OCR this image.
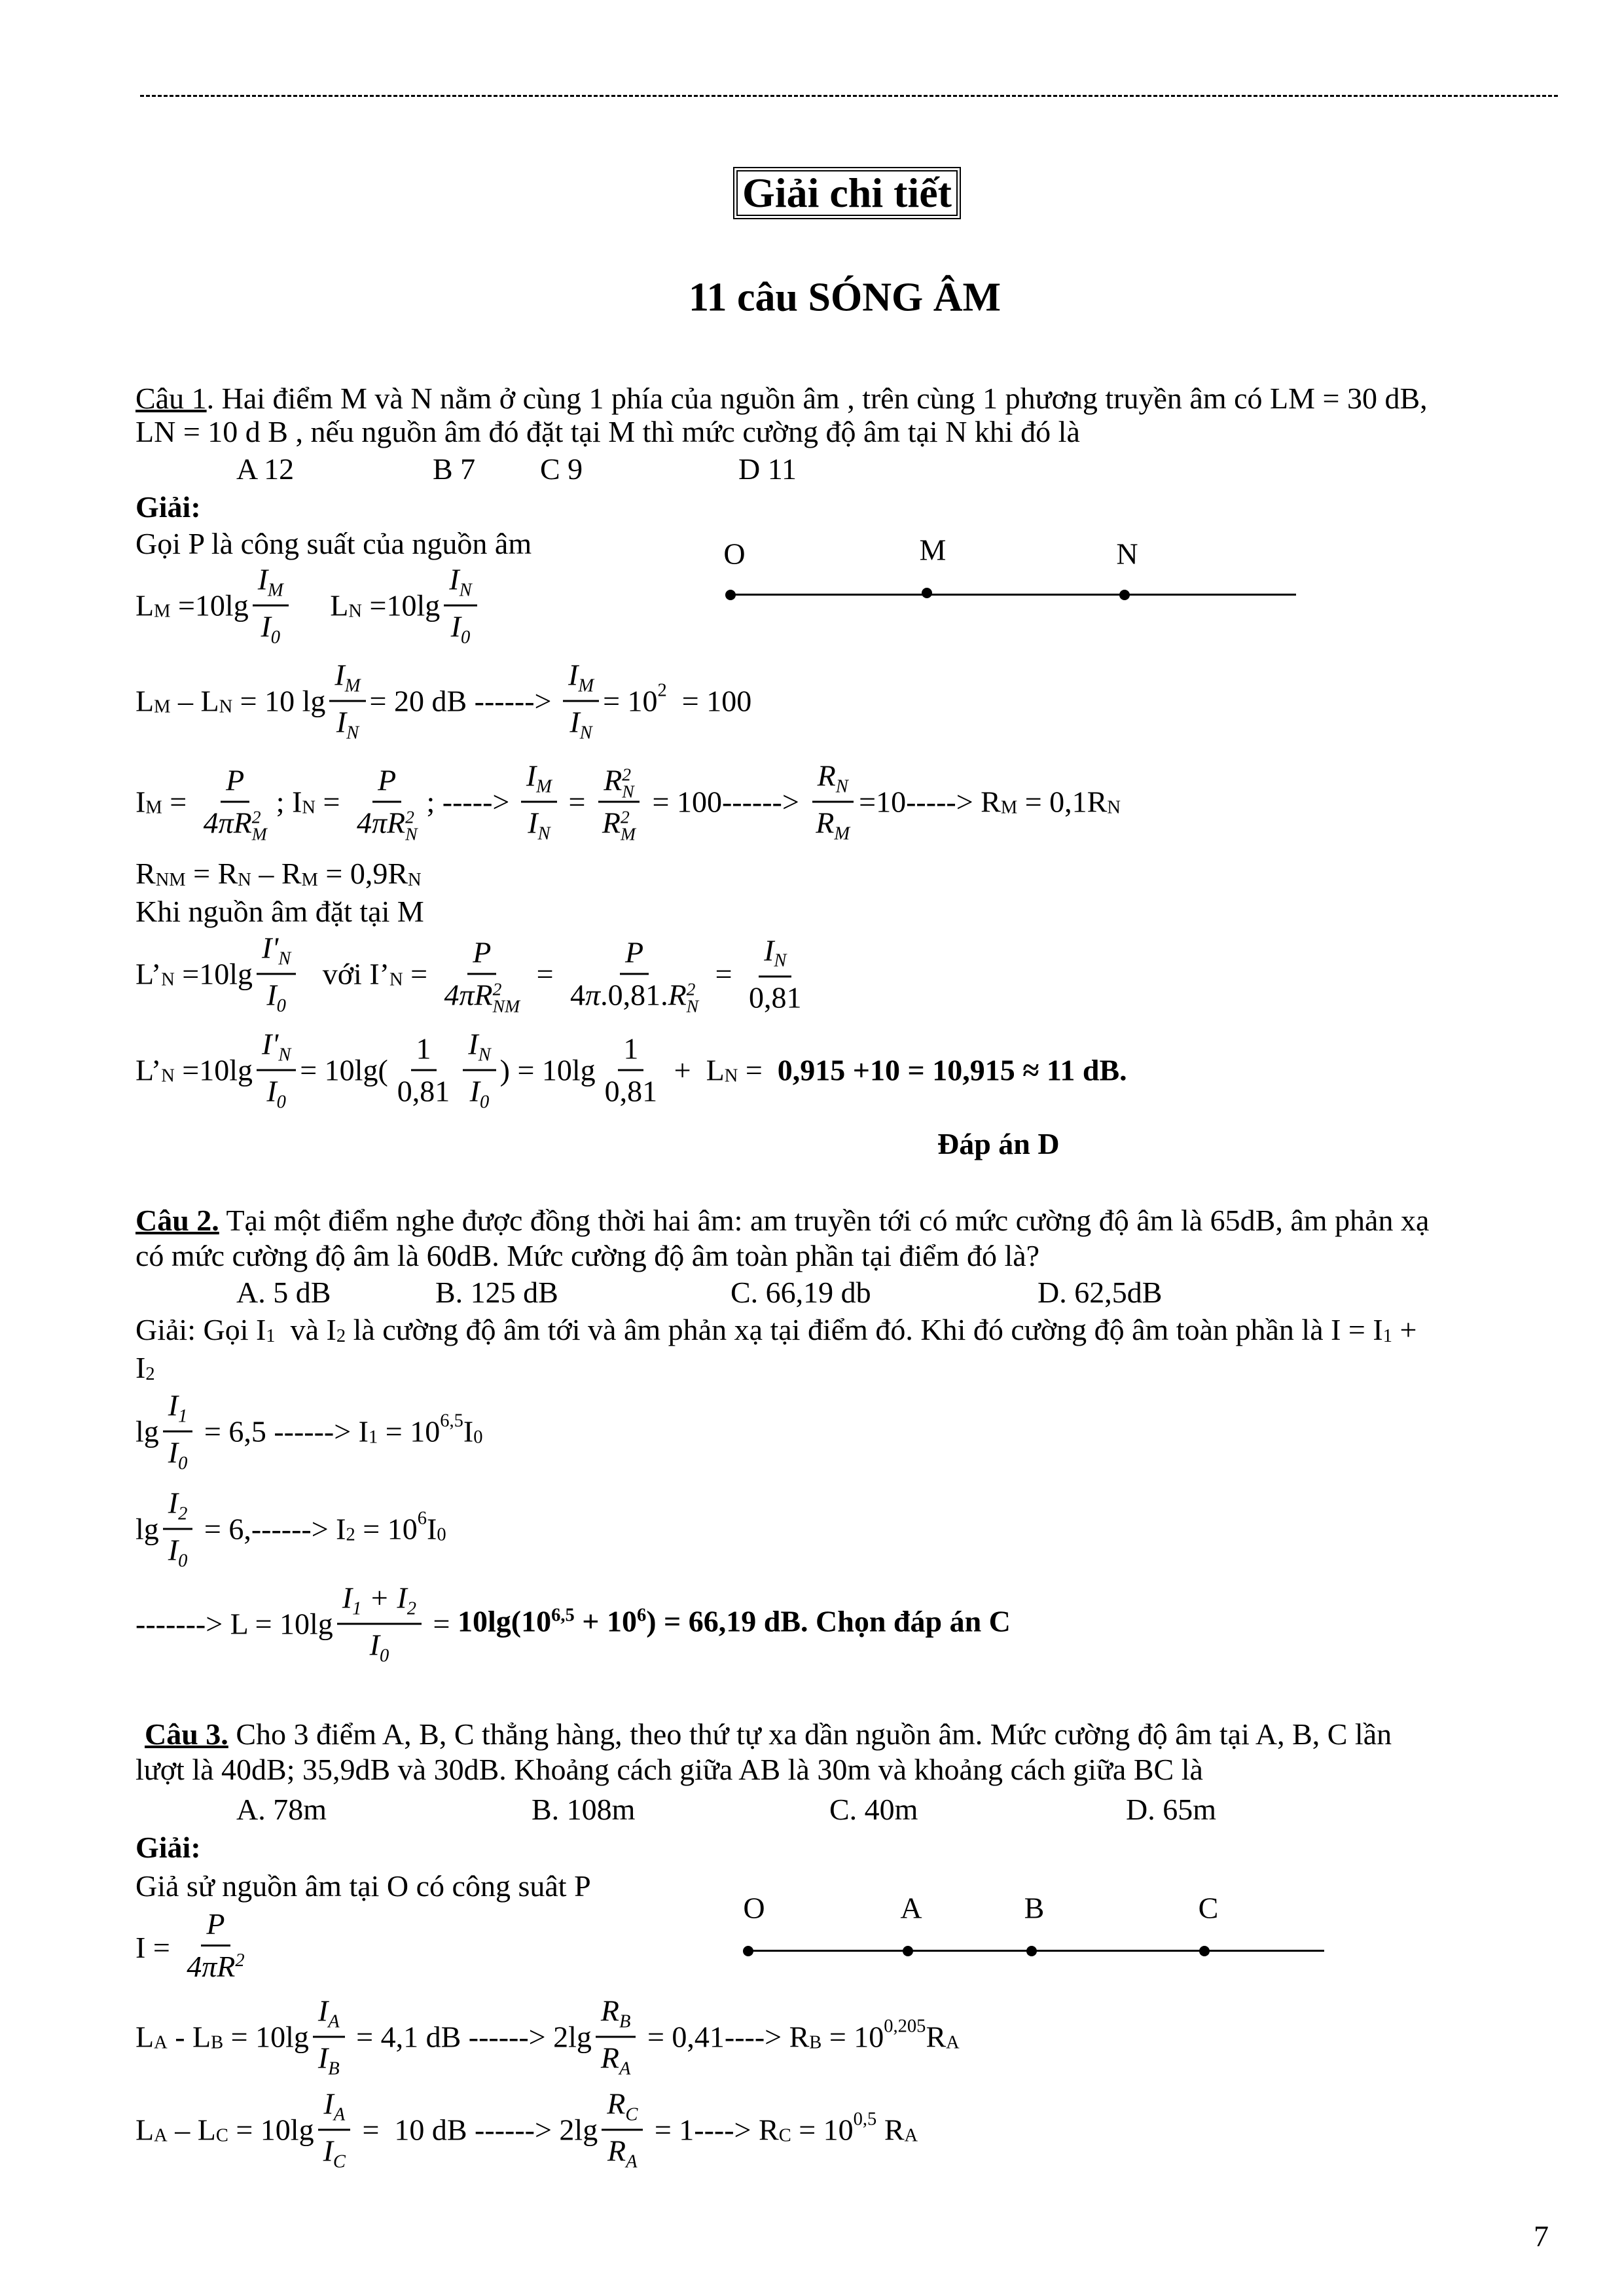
Giải chi tiết
11 câu SÓNG ÂM
Câu 1 . Hai điểm M và N nằm ở cùng 1 phía của nguồn âm , trên cùng 1 phương truyền âm có LM = 30 dB,
LN = 10 d B , nếu nguồn âm đó đặt tại M thì mức cường độ âm tại N khi đó là
A 12	B 7 C 9	D 11
Giải:
Gọi P là công suất của nguồn âm	O	M	N
L $M =10\lg \frac{I_M}{I_0}$ L $N =10\lg \frac{I_N}{I_0}$
L M – L N = 10 $\lg \frac{I_M}{I_N} = 20$ dB ------> $\frac{I_M}{I_N} = 10$ 2 = 100
I M = P
4πR 2
M ; I N = P
4πR 2
N ; -----> $\frac{I_M}{I_N} = R$ 2
N
R 2
$M = 100------> \frac{R_N}{R_M} =10-----> R$ M = 0,1R N
R NM = R N – R M = 0,9R N
Khi nguồn âm đặt tại M
L’ $N =10\lg \frac{I'_N}{I_0}$ với I’ N = P
4πR 2
NM = P
4 π .0,81. R 2
$N = \frac{I_N}{0,81}$
L’ $N =10\lg \frac{I'_N}{I_0} = 10\lg( \frac{1}{0,81} \frac{I_N}{I_0}$ ) = $10\lg \frac{1}{0,81} + L$ N = 0,915 +10 = 10,915 ≈ 11 dB.
Đáp án D
Câu 2. Tại một điểm nghe được đồng thời hai âm: am truyền tới có mức cường độ âm là 65dB, âm phản xạ
có mức cường độ âm là 60dB. Mức cường độ âm toàn phần tại điểm đó là?
A. 5 dB	B. 125 dB	C. 66,19 db	D. 62,5dB
Giải: Gọi I 1 và I 2 là cường độ âm tới và âm phản xạ tại điểm đó. Khi đó cường độ âm toàn phần là I = I 1 +
I 2
$\lg \frac{I_1}{I_0} = 6,5$ ------> I 1 = 10 6,5 I 0
$\lg \frac{I_2}{I_0} = 6,------> I$ 2 = 10 6 I 0
-------> $L = 10\lg \frac{I_1 + I_2}{I_0} = 10\lg(10^{6,5} + 10^6) = 66,19$ dB. Chọn đáp án C
Câu 3. Cho 3 điểm A, B, C thẳng hàng, theo thứ tự xa dần nguồn âm. Mức cường độ âm tại A, B, C lần
lượt là 40dB; 35,9dB và 30dB. Khoảng cách giữa AB là 30m và khoảng cách giữa BC là
A. 78m	B. 108m	C. 40m	D. 65m
Giải:
Giả sử nguồn âm tại O có công suât P
O	A	B	C
$I = \frac{P}{4\pi R^2}$
L A - L $B = 10\lg \frac{I_A}{I_B} = 4,1$ dB ------> $2\lg \frac{R_B}{R_A} = 0,41----> R$ B = 10 0,205 R A
L A – L $C = 10\lg \frac{I_A}{I_C} = 10$ dB ------> $2\lg \frac{R_C}{R_A} = 1----> R$ C = 10 0,5 R A
7
